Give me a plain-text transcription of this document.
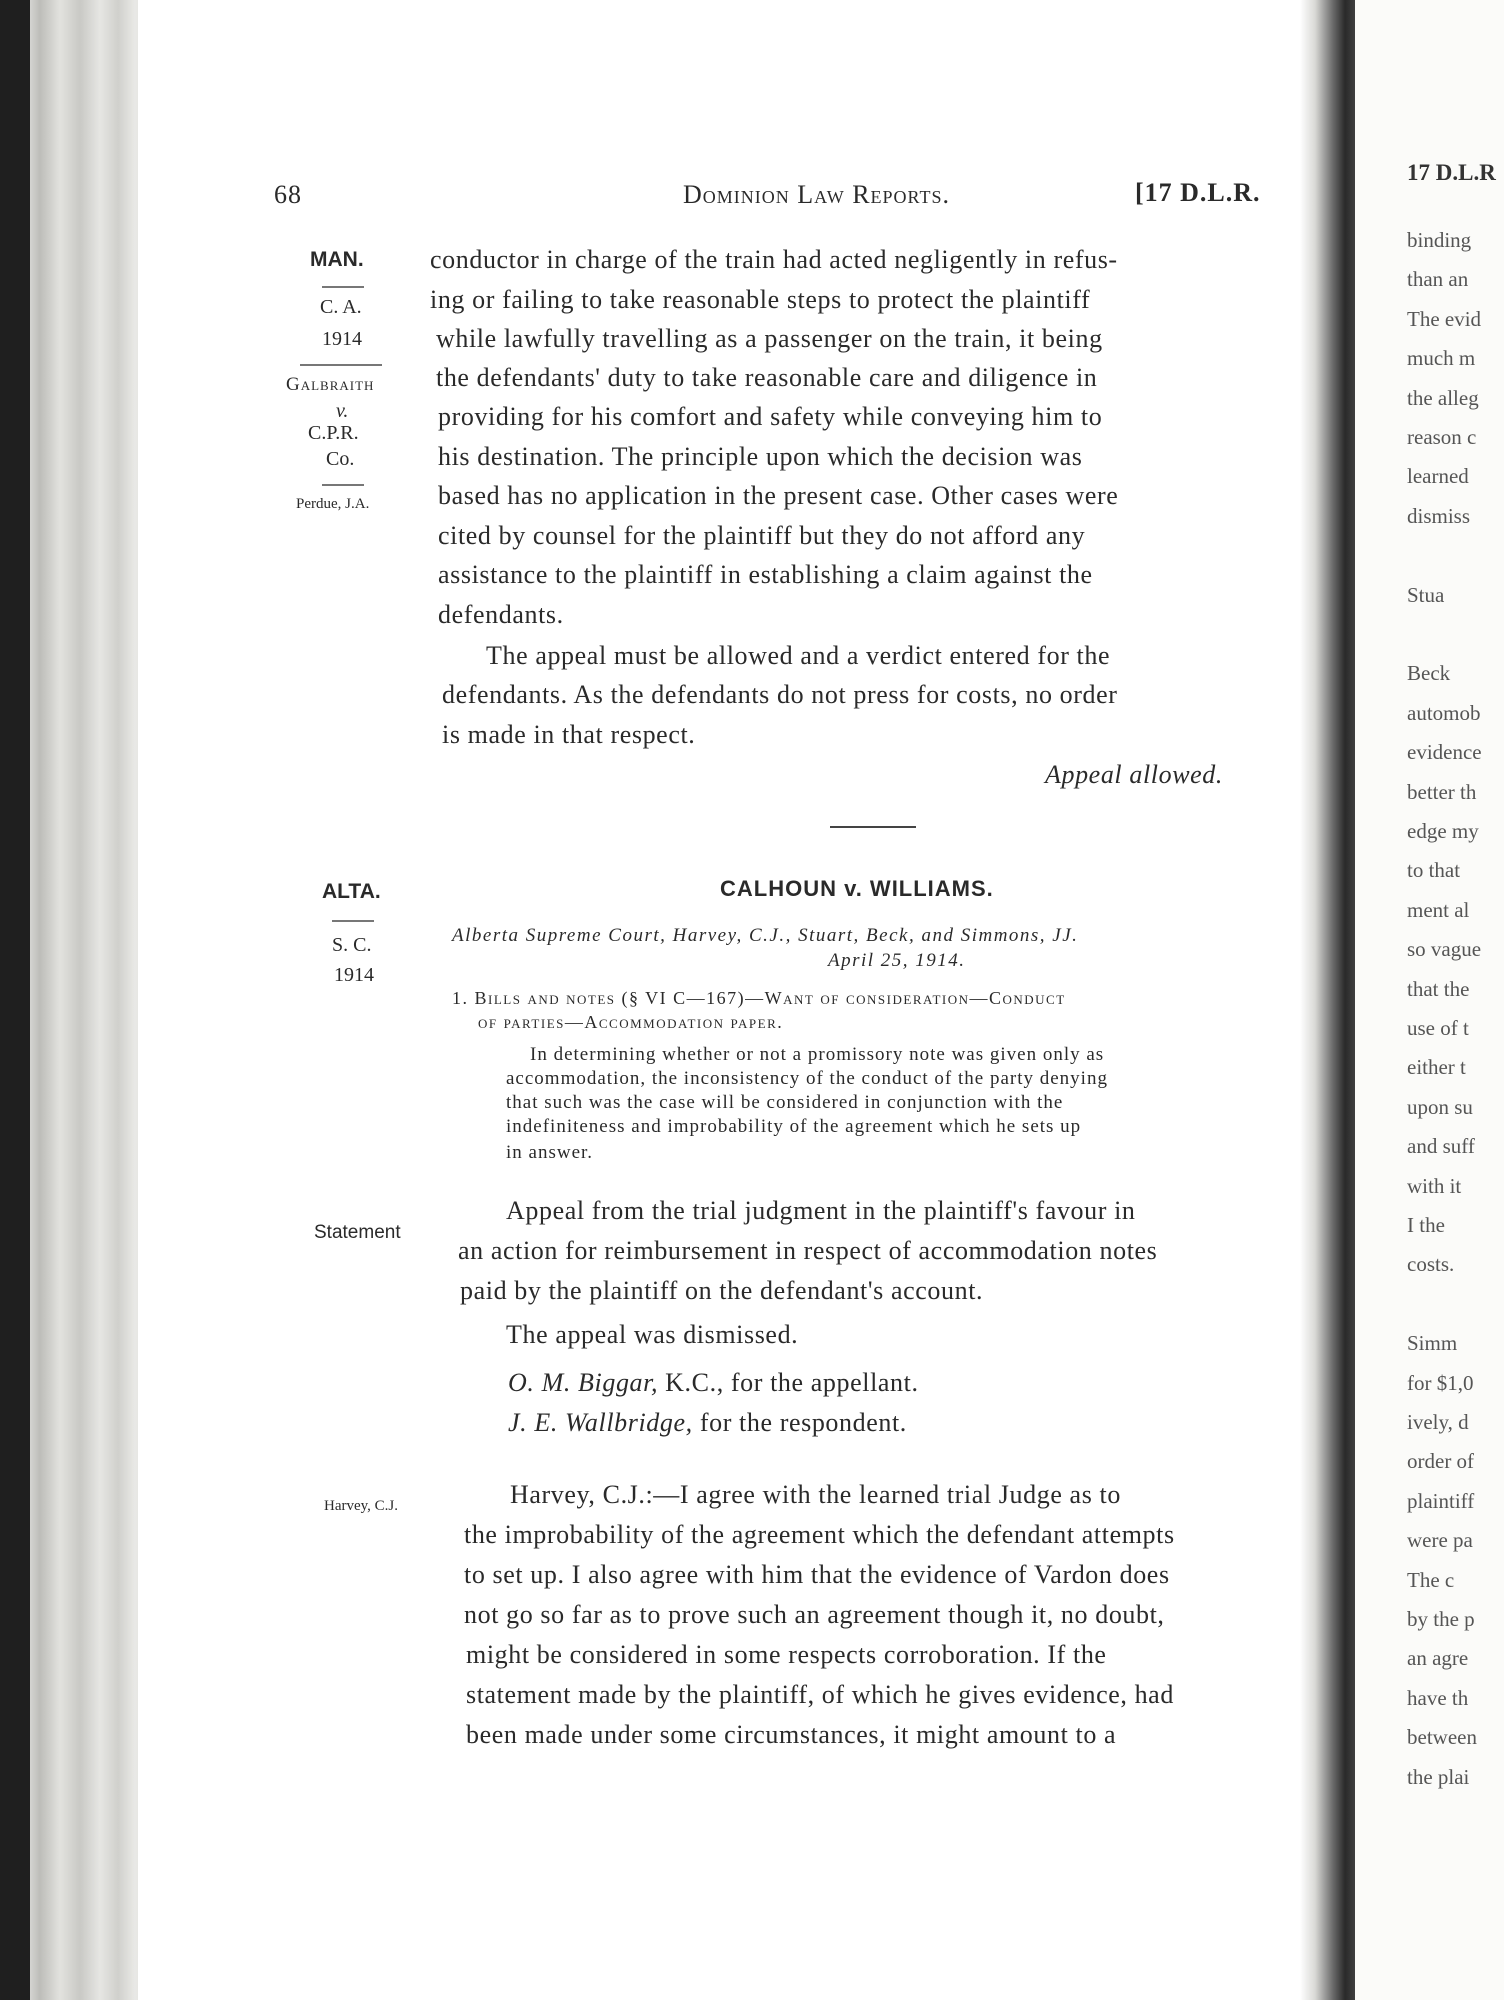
68	Dominion Law Reports.	[17 D.L.R.
MAN.
C. A.
1914
Galbraith
v.
C.P.R.
Co.
Perdue, J.A.
conductor in charge of the train had acted negligently in refus-
ing or failing to take reasonable steps to protect the plaintiff
while lawfully travelling as a passenger on the train, it being
the defendants' duty to take reasonable care and diligence in
providing for his comfort and safety while conveying him to
his destination. The principle upon which the decision was
based has no application in the present case. Other cases were
cited by counsel for the plaintiff but they do not afford any
assistance to the plaintiff in establishing a claim against the
defendants.
The appeal must be allowed and a verdict entered for the
defendants. As the defendants do not press for costs, no order
is made in that respect.
Appeal allowed.
ALTA.
S. C.
1914
Statement
Harvey, C.J.
CALHOUN v. WILLIAMS.
Alberta Supreme Court, Harvey, C.J., Stuart, Beck, and Simmons, JJ.
April 25, 1914.
1. Bills and notes (§ VI C—167)—Want of consideration—Conduct
of parties—Accommodation paper.
In determining whether or not a promissory note was given only as
accommodation, the inconsistency of the conduct of the party denying
that such was the case will be considered in conjunction with the
indefiniteness and improbability of the agreement which he sets up
in answer.
Appeal from the trial judgment in the plaintiff's favour in
an action for reimbursement in respect of accommodation notes
paid by the plaintiff on the defendant's account.
The appeal was dismissed.
O. M. Biggar, K.C., for the appellant.
J. E. Wallbridge, for the respondent.
Harvey, C.J.:—I agree with the learned trial Judge as to
the improbability of the agreement which the defendant attempts
to set up. I also agree with him that the evidence of Vardon does
not go so far as to prove such an agreement though it, no doubt,
might be considered in some respects corroboration. If the
statement made by the plaintiff, of which he gives evidence, had
been made under some circumstances, it might amount to a
17 D.L.R
binding
than an
The evid
much m
the alleg
reason c
learned
dismiss
Stua
Beck
automob
evidence
better th
edge my
to that
ment al
so vague
that the
use of t
either t
upon su
and suff
with it
I the
costs.
Simm
for $1,0
ively, d
order of
plaintiff
were pa
The c
by the p
an agre
have th
between
the plai
